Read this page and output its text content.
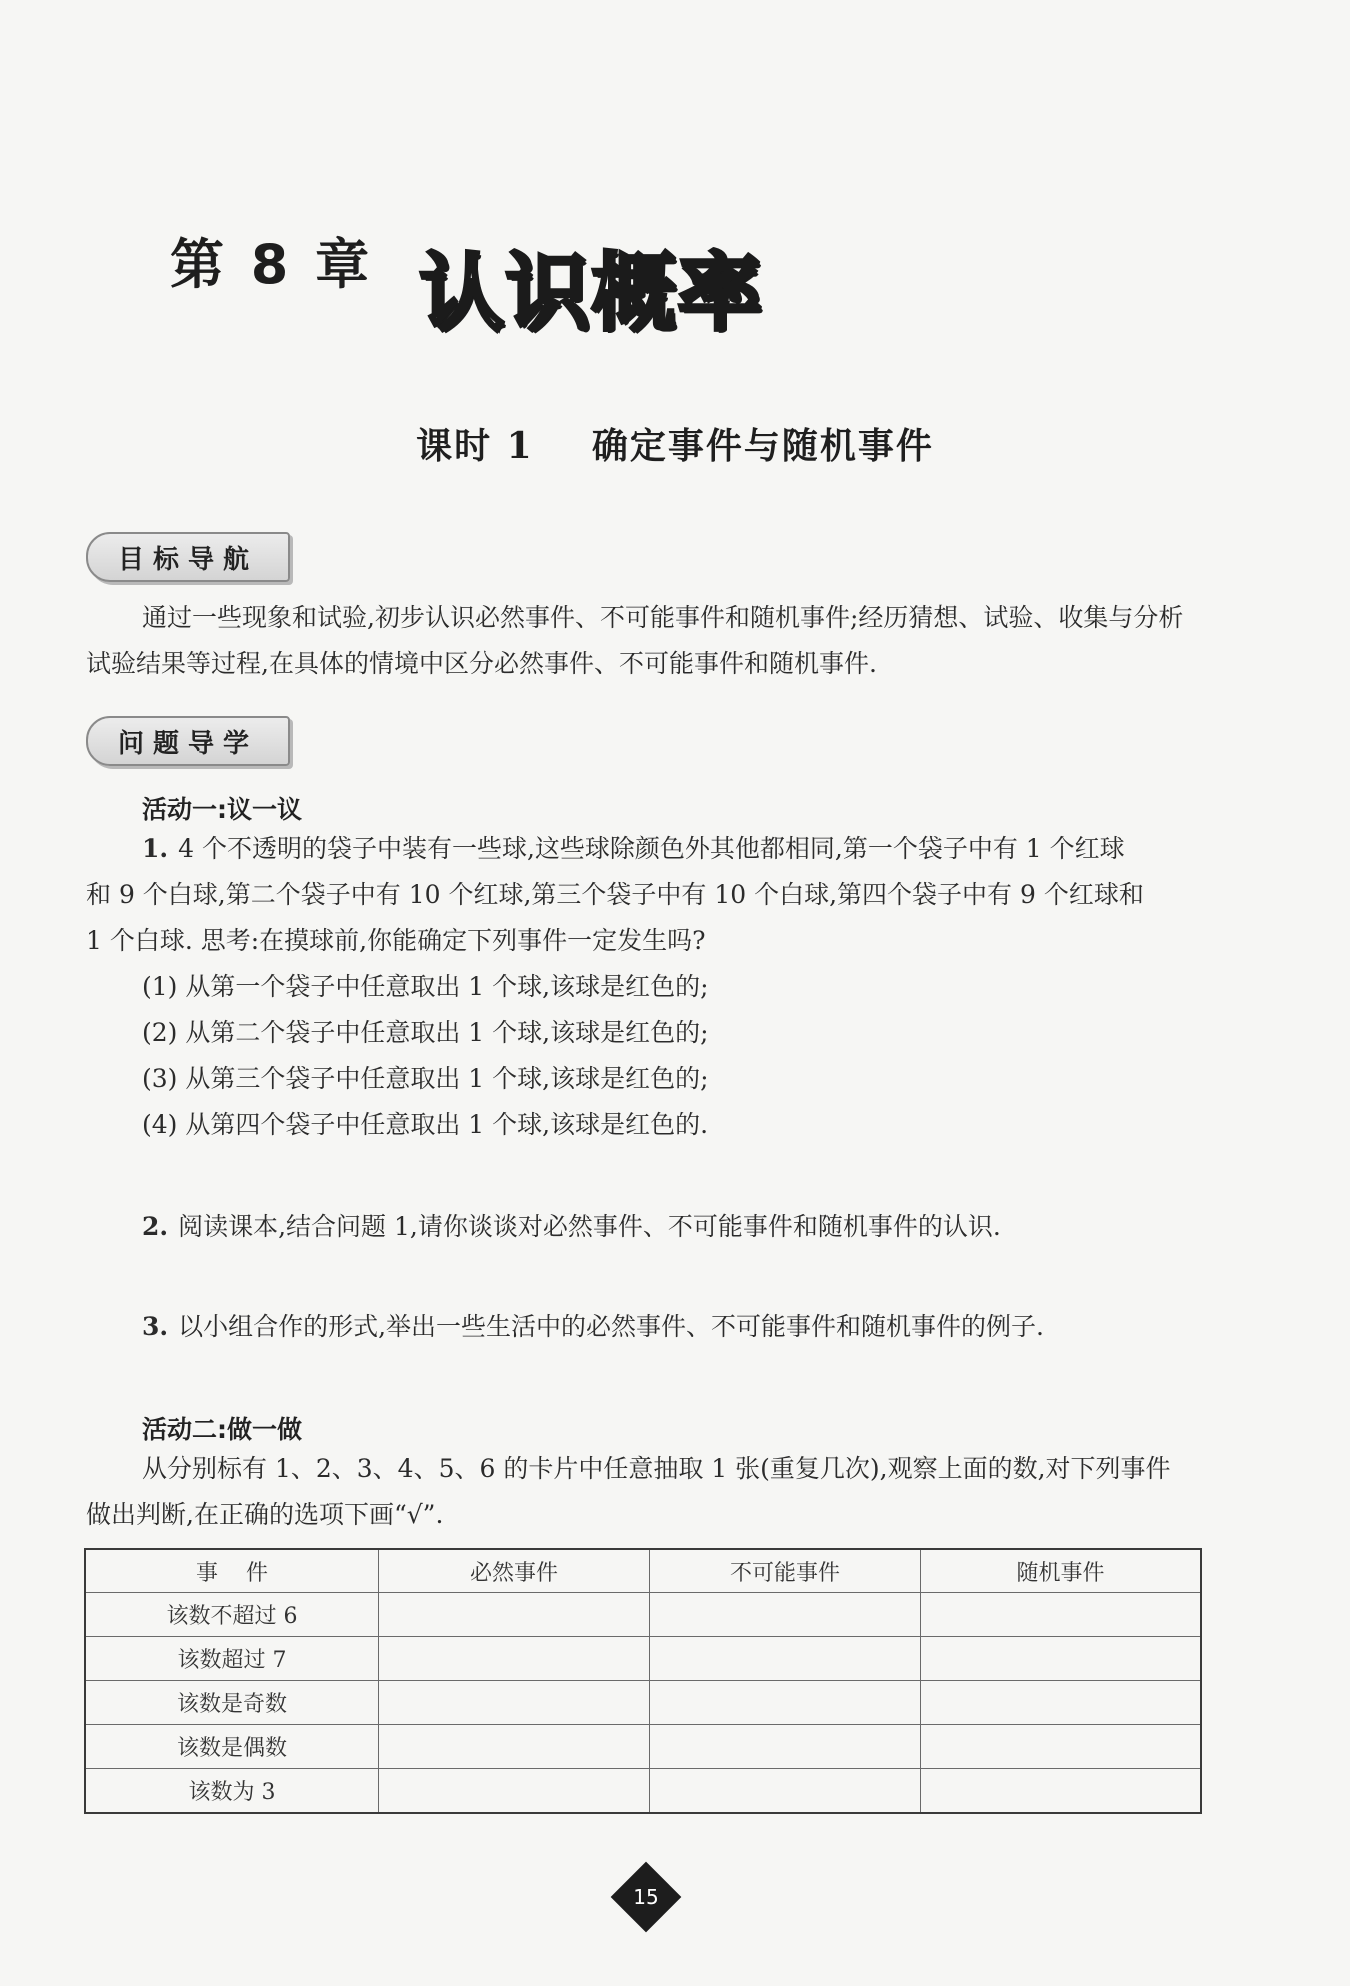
第 8 章 认识概率
课时 1    确定事件与随机事件
目标导航
通过一些现象和试验,初步认识必然事件、不可能事件和随机事件;经历猜想、试验、收集与分析试验结果等过程,在具体的情境中区分必然事件、不可能事件和随机事件.
问题导学
活动一:议一议
1. 4 个不透明的袋子中装有一些球,这些球除颜色外其他都相同,第一个袋子中有 1 个红球
和 9 个白球,第二个袋子中有 10 个红球,第三个袋子中有 10 个白球,第四个袋子中有 9 个红球和
1 个白球. 思考:在摸球前,你能确定下列事件一定发生吗?
(1) 从第一个袋子中任意取出 1 个球,该球是红色的;
(2) 从第二个袋子中任意取出 1 个球,该球是红色的;
(3) 从第三个袋子中任意取出 1 个球,该球是红色的;
(4) 从第四个袋子中任意取出 1 个球,该球是红色的.
2. 阅读课本,结合问题 1,请你谈谈对必然事件、不可能事件和随机事件的认识.
3. 以小组合作的形式,举出一些生活中的必然事件、不可能事件和随机事件的例子.
活动二:做一做
从分别标有 1、2、3、4、5、6 的卡片中任意抽取 1 张(重复几次),观察上面的数,对下列事件
做出判断,在正确的选项下画“√”.
事    件	必然事件	不可能事件	随机事件
该数不超过 6			
该数超过 7			
该数是奇数			
该数是偶数			
该数为 3			
15
